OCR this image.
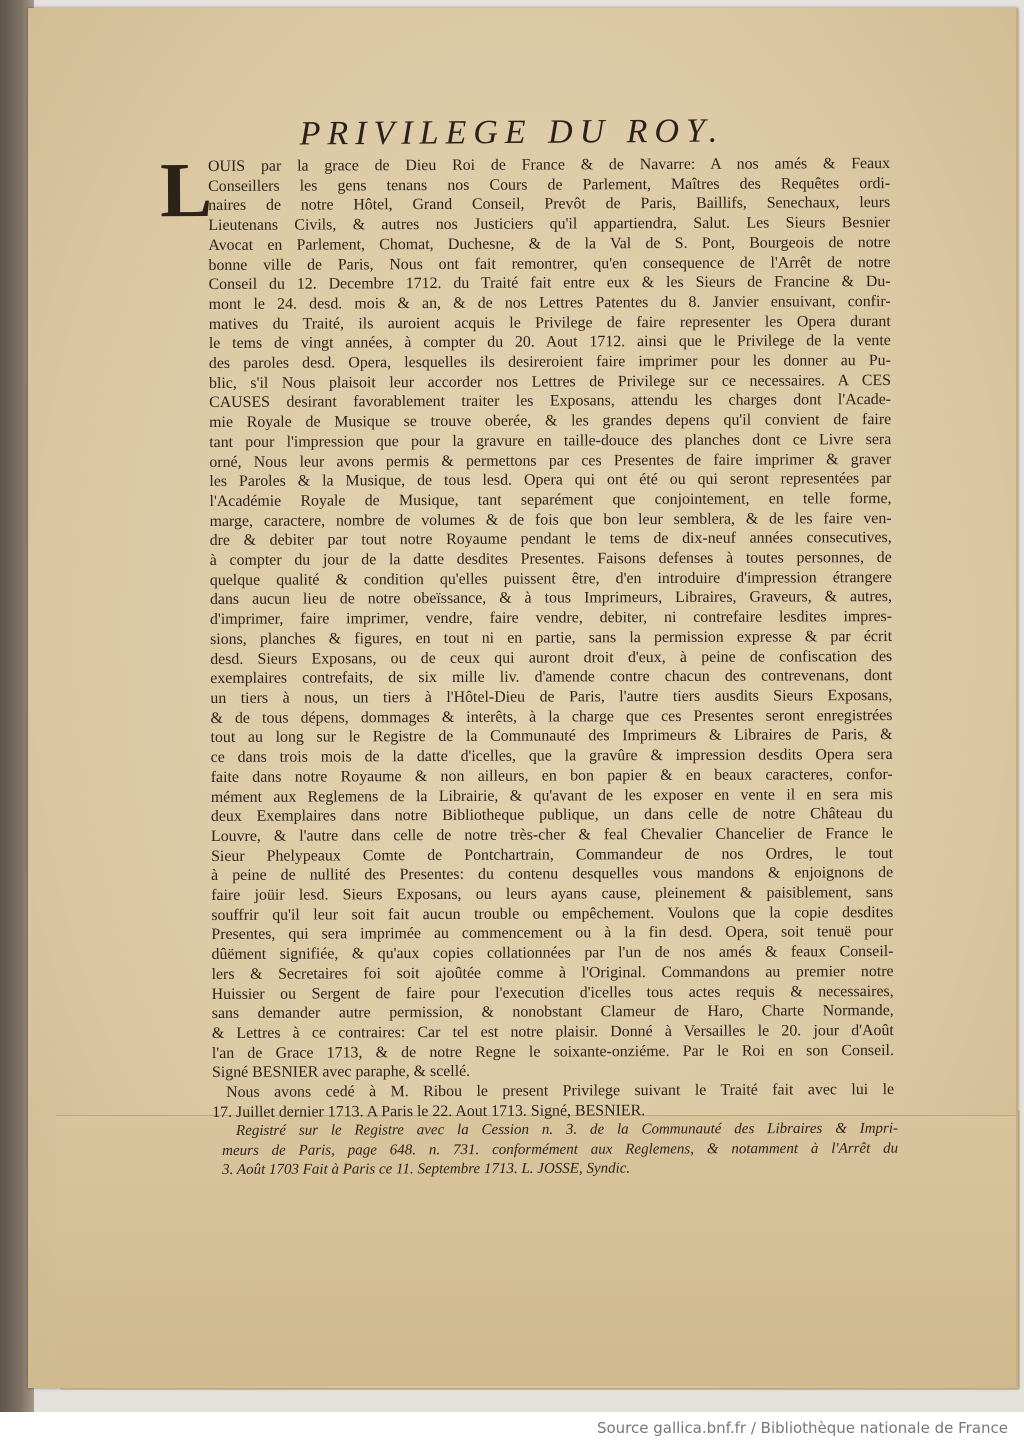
PRIVILEGE DU ROY.
L
OUIS par la grace de Dieu Roi de France & de Navarre: A nos amés & Feaux
Conseillers les gens tenans nos Cours de Parlement, Maîtres des Requêtes ordi-
naires de notre Hôtel, Grand Conseil, Prevôt de Paris, Baillifs, Senechaux, leurs
Lieutenans Civils, & autres nos Justiciers qu'il appartiendra, Salut. Les Sieurs Besnier
Avocat en Parlement, Chomat, Duchesne, & de la Val de S. Pont, Bourgeois de notre
bonne ville de Paris, Nous ont fait remontrer, qu'en consequence de l'Arrêt de notre
Conseil du 12. Decembre 1712. du Traité fait entre eux & les Sieurs de Francine & Du-
mont le 24. desd. mois & an, & de nos Lettres Patentes du 8. Janvier ensuivant, confir-
matives du Traité, ils auroient acquis le Privilege de faire representer les Opera durant
le tems de vingt années, à compter du 20. Aout 1712. ainsi que le Privilege de la vente
des paroles desd. Opera, lesquelles ils desireroient faire imprimer pour les donner au Pu-
blic, s'il Nous plaisoit leur accorder nos Lettres de Privilege sur ce necessaires. A CES
CAUSES desirant favorablement traiter les Exposans, attendu les charges dont l'Acade-
mie Royale de Musique se trouve oberée, & les grandes depens qu'il convient de faire
tant pour l'impression que pour la gravure en taille-douce des planches dont ce Livre sera
orné, Nous leur avons permis & permettons par ces Presentes de faire imprimer & graver
les Paroles & la Musique, de tous lesd. Opera qui ont été ou qui seront representées par
l'Académie Royale de Musique, tant separément que conjointement, en telle forme,
marge, caractere, nombre de volumes & de fois que bon leur semblera, & de les faire ven-
dre & debiter par tout notre Royaume pendant le tems de dix-neuf années consecutives,
à compter du jour de la datte desdites Presentes. Faisons defenses à toutes personnes, de
quelque qualité & condition qu'elles puissent être, d'en introduire d'impression étrangere
dans aucun lieu de notre obeïssance, & à tous Imprimeurs, Libraires, Graveurs, & autres,
d'imprimer, faire imprimer, vendre, faire vendre, debiter, ni contrefaire lesdites impres-
sions, planches & figures, en tout ni en partie, sans la permission expresse & par écrit
desd. Sieurs Exposans, ou de ceux qui auront droit d'eux, à peine de confiscation des
exemplaires contrefaits, de six mille liv. d'amende contre chacun des contrevenans, dont
un tiers à nous, un tiers à l'Hôtel-Dieu de Paris, l'autre tiers ausdits Sieurs Exposans,
& de tous dépens, dommages & interêts, à la charge que ces Presentes seront enregistrées
tout au long sur le Registre de la Communauté des Imprimeurs & Libraires de Paris, &
ce dans trois mois de la datte d'icelles, que la gravûre & impression desdits Opera sera
faite dans notre Royaume & non ailleurs, en bon papier & en beaux caracteres, confor-
mément aux Reglemens de la Librairie, & qu'avant de les exposer en vente il en sera mis
deux Exemplaires dans notre Bibliotheque publique, un dans celle de notre Château du
Louvre, & l'autre dans celle de notre très-cher & feal Chevalier Chancelier de France le
Sieur Phelypeaux Comte de Pontchartrain, Commandeur de nos Ordres, le tout
à peine de nullité des Presentes: du contenu desquelles vous mandons & enjoignons de
faire joüir lesd. Sieurs Exposans, ou leurs ayans cause, pleinement & paisiblement, sans
souffrir qu'il leur soit fait aucun trouble ou empêchement. Voulons que la copie desdites
Presentes, qui sera imprimée au commencement ou à la fin desd. Opera, soit tenuë pour
dûëment signifiée, & qu'aux copies collationnées par l'un de nos amés & feaux Conseil-
lers & Secretaires foi soit ajoûtée comme à l'Original. Commandons au premier notre
Huissier ou Sergent de faire pour l'execution d'icelles tous actes requis & necessaires,
sans demander autre permission, & nonobstant Clameur de Haro, Charte Normande,
& Lettres à ce contraires: Car tel est notre plaisir. Donné à Versailles le 20. jour d'Août
l'an de Grace 1713, & de notre Regne le soixante-onziéme. Par le Roi en son Conseil.
Signé BESNIER avec paraphe, & scellé.
Nous avons cedé à M. Ribou le present Privilege suivant le Traité fait avec lui le
17. Juillet dernier 1713. A Paris le 22. Aout 1713. Signé, BESNIER.
Registré sur le Registre avec la Cession n. 3. de la Communauté des Libraires & Impri-
meurs de Paris, page 648. n. 731. conformément aux Reglemens, & notamment à l'Arrêt du
3. Août 1703 Fait à Paris ce 11. Septembre 1713. L. JOSSE, Syndic.
Source gallica.bnf.fr / Bibliothèque nationale de France
